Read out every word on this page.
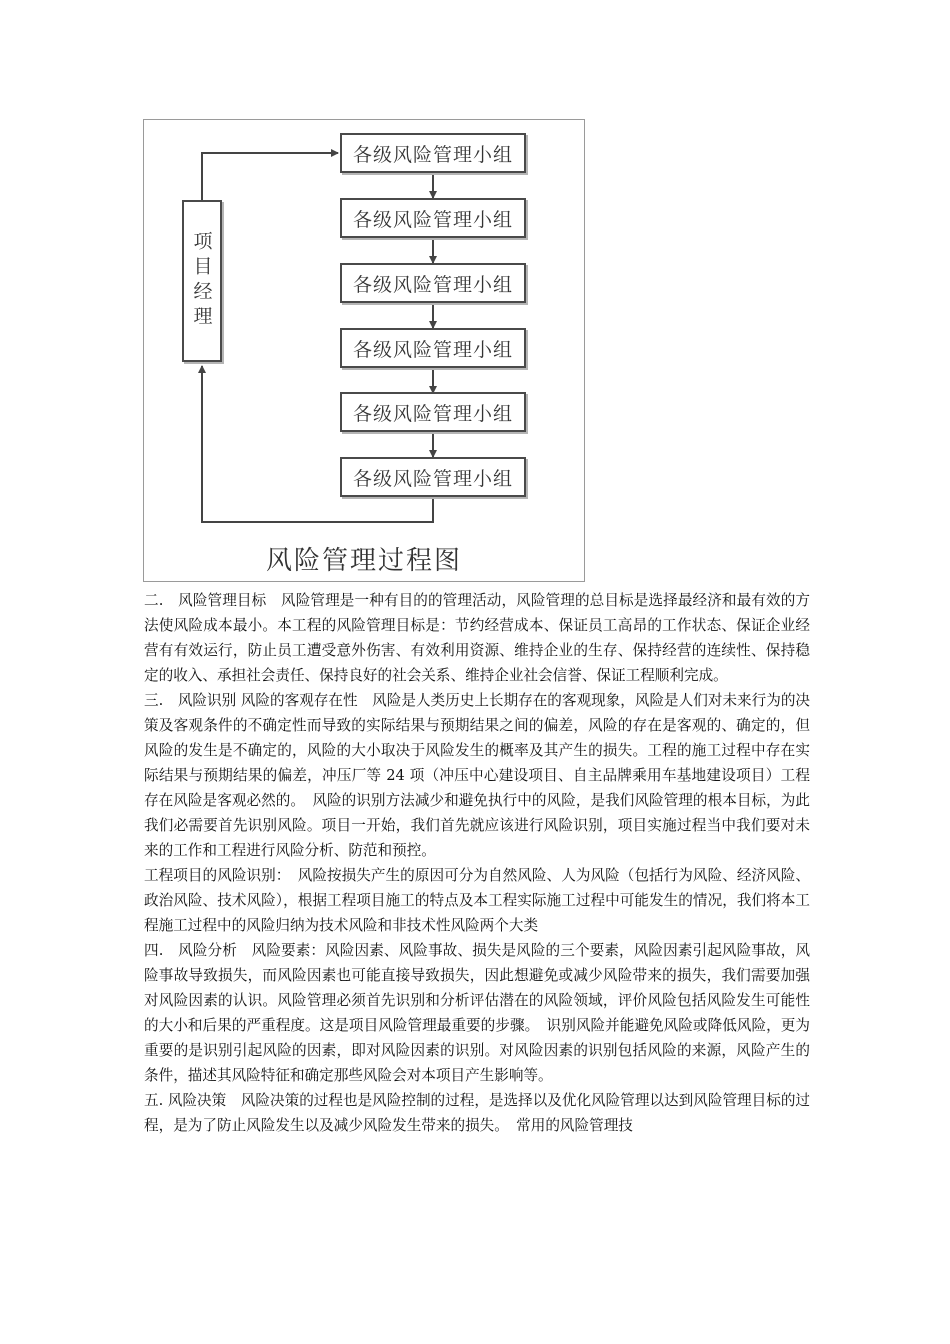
各级风险管理小组
各级风险管理小组
各级风险管理小组
各级风险管理小组
各级风险管理小组
各级风险管理小组
项目经理
风险管理过程图

二.　风险管理目标　风险管理是一种有目的的管理活动，风险管理的总目标是选择最经济和最有效的方法使风险成本最小。本工程的风险管理目标是：节约经营成本、保证员工高昂的工作状态、保证企业经营有有效运行，防止员工遭受意外伤害、有效利用资源、维持企业的生存、保持经营的连续性、保持稳定的收入、承担社会责任、保持良好的社会关系、维持企业社会信誉、保证工程顺利完成。

三.　风险识别 风险的客观存在性　风险是人类历史上长期存在的客观现象，风险是人们对未来行为的决策及客观条件的不确定性而导致的实际结果与预期结果之间的偏差，风险的存在是客观的、确定的，但风险的发生是不确定的，风险的大小取决于风险发生的概率及其产生的损失。工程的施工过程中存在实际结果与预期结果的偏差，冲压厂等 24 项（冲压中心建设项目、自主品牌乘用车基地建设项目）工程存在风险是客观必然的。　风险的识别方法减少和避免执行中的风险，是我们风险管理的根本目标，为此我们必需要首先识别风险。项目一开始，我们首先就应该进行风险识别，项目实施过程当中我们要对未来的工作和工程进行风险分析、防范和预控。

工程项目的风险识别：　风险按损失产生的原因可分为自然风险、人为风险（包括行为风险、经济风险、政治风险、技术风险），根据工程项目施工的特点及本工程实际施工过程中可能发生的情况，我们将本工程施工过程中的风险归纳为技术风险和非技术性风险两个大类

四.　风险分析　风险要素：风险因素、风险事故、损失是风险的三个要素，风险因素引起风险事故，风险事故导致损失，而风险因素也可能直接导致损失，因此想避免或减少风险带来的损失，我们需要加强对风险因素的认识。风险管理必须首先识别和分析评估潜在的风险领域，评价风险包括风险发生可能性的大小和后果的严重程度。这是项目风险管理最重要的步骤。　识别风险并能避免风险或降低风险，更为重要的是识别引起风险的因素，即对风险因素的识别。对风险因素的识别包括风险的来源，风险产生的条件，描述其风险特征和确定那些风险会对本项目产生影响等。

五. 风险决策　风险决策的过程也是风险控制的过程，是选择以及优化风险管理以达到风险管理目标的过程，是为了防止风险发生以及减少风险发生带来的损失。　常用的风险管理技
